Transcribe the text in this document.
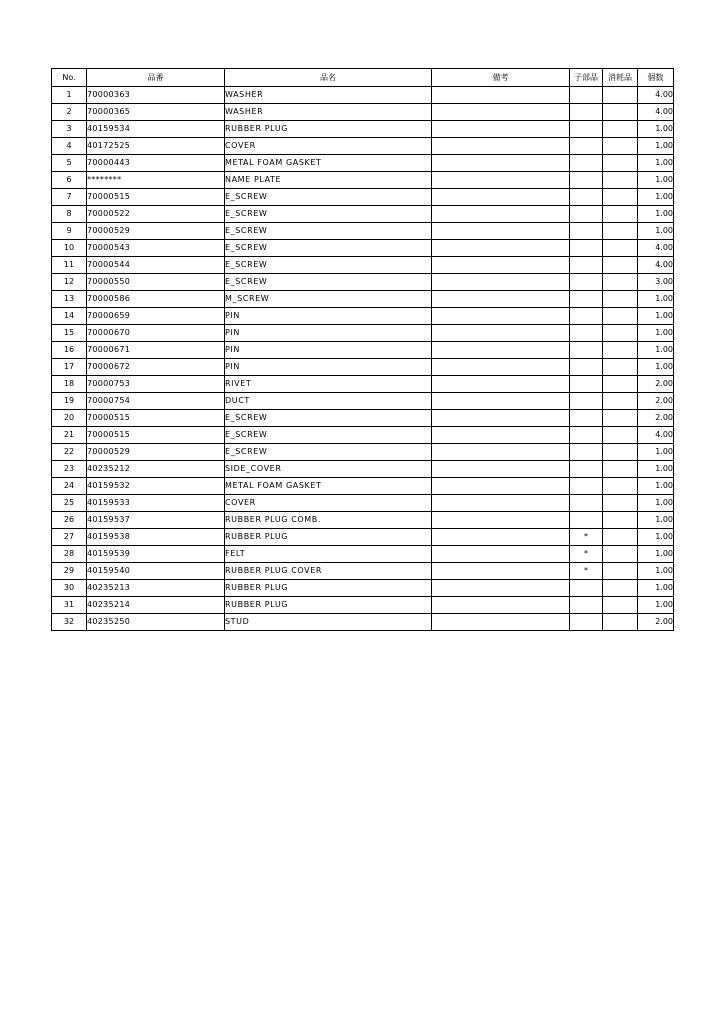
No.	品番	品名	備考	子部品	消耗品	個数
1	70000363	WASHER				4.00
2	70000365	WASHER				4.00
3	40159534	RUBBER PLUG				1.00
4	40172525	COVER				1.00
5	70000443	METAL FOAM GASKET				1.00
6	********	NAME PLATE				1.00
7	70000515	E_SCREW				1.00
8	70000522	E_SCREW				1.00
9	70000529	E_SCREW				1.00
10	70000543	E_SCREW				4.00
11	70000544	E_SCREW				4.00
12	70000550	E_SCREW				3.00
13	70000586	M_SCREW				1.00
14	70000659	PIN				1.00
15	70000670	PIN				1.00
16	70000671	PIN				1.00
17	70000672	PIN				1.00
18	70000753	RIVET				2.00
19	70000754	DUCT				2.00
20	70000515	E_SCREW				2.00
21	70000515	E_SCREW				4.00
22	70000529	E_SCREW				1.00
23	40235212	SIDE_COVER				1.00
24	40159532	METAL FOAM GASKET				1.00
25	40159533	COVER				1.00
26	40159537	RUBBER PLUG COMB.				1.00
27	40159538	RUBBER PLUG		*		1.00
28	40159539	FELT		*		1.00
29	40159540	RUBBER PLUG COVER		*		1.00
30	40235213	RUBBER PLUG				1.00
31	40235214	RUBBER PLUG				1.00
32	40235250	STUD				2.00
